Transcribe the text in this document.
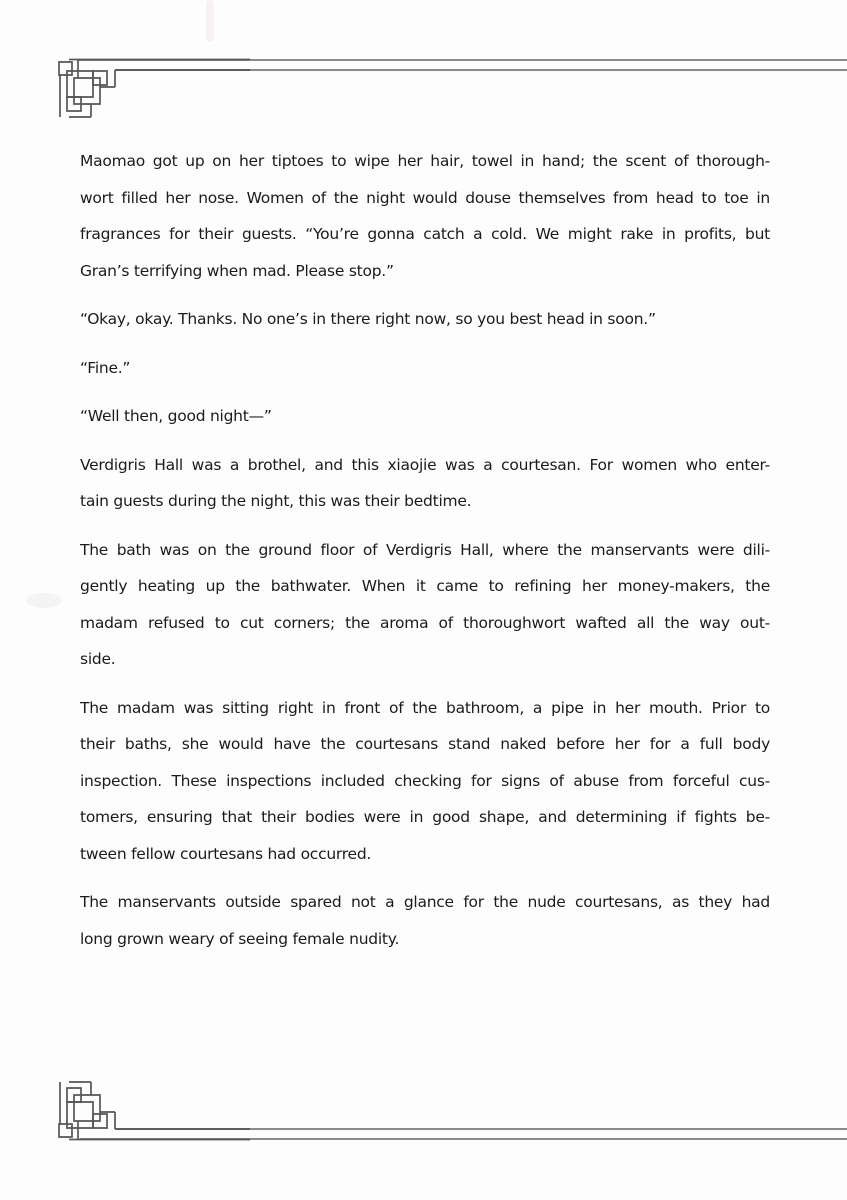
Maomao got up on her tiptoes to wipe her hair, towel in hand; the scent of thorough-
wort filled her nose. Women of the night would douse themselves from head to toe in
fragrances for their guests. “You’re gonna catch a cold. We might rake in profits, but
Gran’s terrifying when mad. Please stop.”
“Okay, okay. Thanks. No one’s in there right now, so you best head in soon.”
“Fine.”
“Well then, good night—”
Verdigris Hall was a brothel, and this xiaojie was a courtesan. For women who enter-
tain guests during the night, this was their bedtime.
The bath was on the ground floor of Verdigris Hall, where the manservants were dili-
gently heating up the bathwater. When it came to refining her money-makers, the
madam refused to cut corners; the aroma of thoroughwort wafted all the way out-
side.
The madam was sitting right in front of the bathroom, a pipe in her mouth. Prior to
their baths, she would have the courtesans stand naked before her for a full body
inspection. These inspections included checking for signs of abuse from forceful cus-
tomers, ensuring that their bodies were in good shape, and determining if fights be-
tween fellow courtesans had occurred.
The manservants outside spared not a glance for the nude courtesans, as they had
long grown weary of seeing female nudity.
